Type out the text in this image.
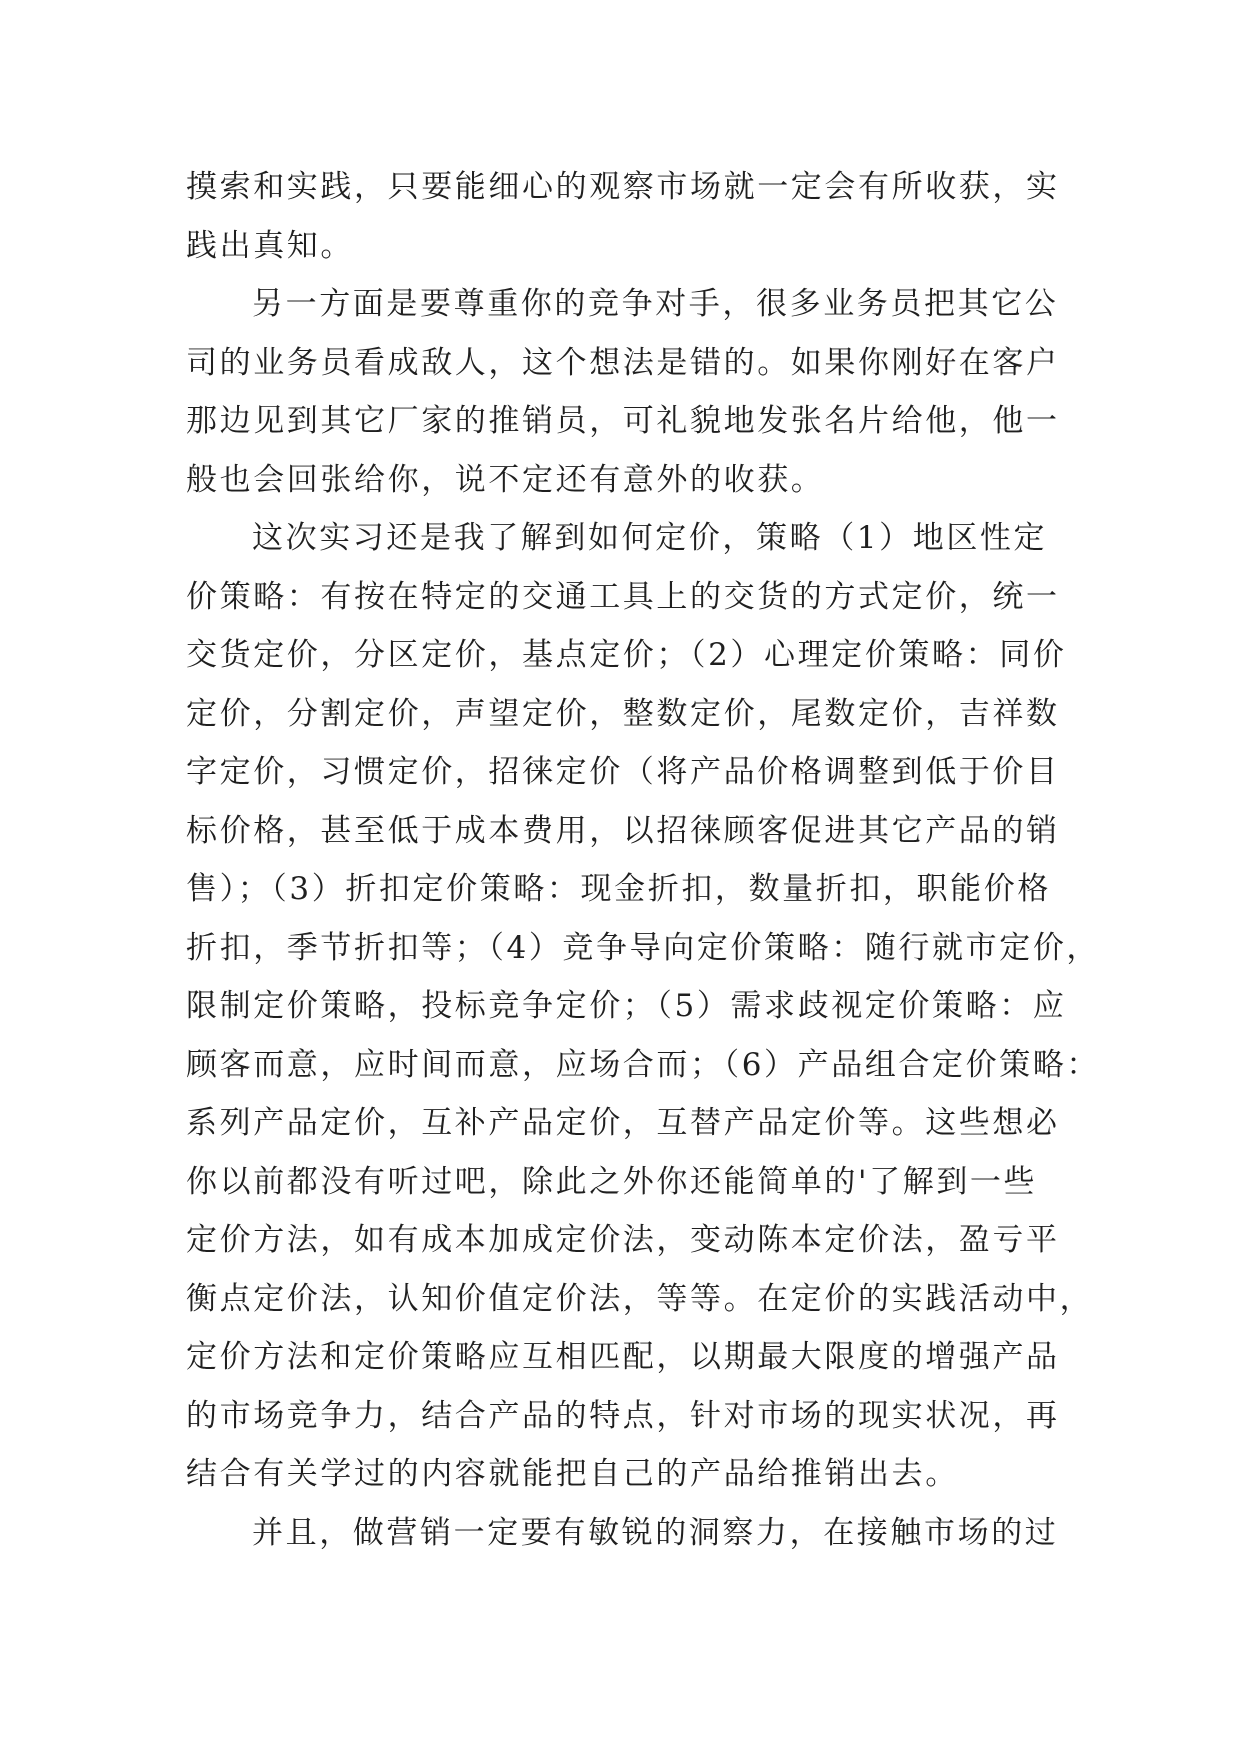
摸索和实践，只要能细心的观察市场就一定会有所收获，实
践出真知。
另一方面是要尊重你的竞争对手，很多业务员把其它公
司的业务员看成敌人，这个想法是错的。如果你刚好在客户
那边见到其它厂家的推销员，可礼貌地发张名片给他，他一
般也会回张给你，说不定还有意外的收获。
这次实习还是我了解到如何定价，策略（1）地区性定
价策略：有按在特定的交通工具上的交货的方式定价，统一
交货定价，分区定价，基点定价；（2）心理定价策略：同价
定价，分割定价，声望定价，整数定价，尾数定价，吉祥数
字定价，习惯定价，招徕定价（将产品价格调整到低于价目
标价格，甚至低于成本费用，以招徕顾客促进其它产品的销
售）；（3）折扣定价策略：现金折扣，数量折扣，职能价格
折扣，季节折扣等；（4）竞争导向定价策略：随行就市定价，
限制定价策略，投标竞争定价；（5）需求歧视定价策略：应
顾客而意，应时间而意，应场合而；（6）产品组合定价策略：
系列产品定价，互补产品定价，互替产品定价等。这些想必
你以前都没有听过吧，除此之外你还能简单的'了解到一些
定价方法，如有成本加成定价法，变动陈本定价法，盈亏平
衡点定价法，认知价值定价法，等等。在定价的实践活动中，
定价方法和定价策略应互相匹配，以期最大限度的增强产品
的市场竞争力，结合产品的特点，针对市场的现实状况，再
结合有关学过的内容就能把自己的产品给推销出去。
并且，做营销一定要有敏锐的洞察力，在接触市场的过
